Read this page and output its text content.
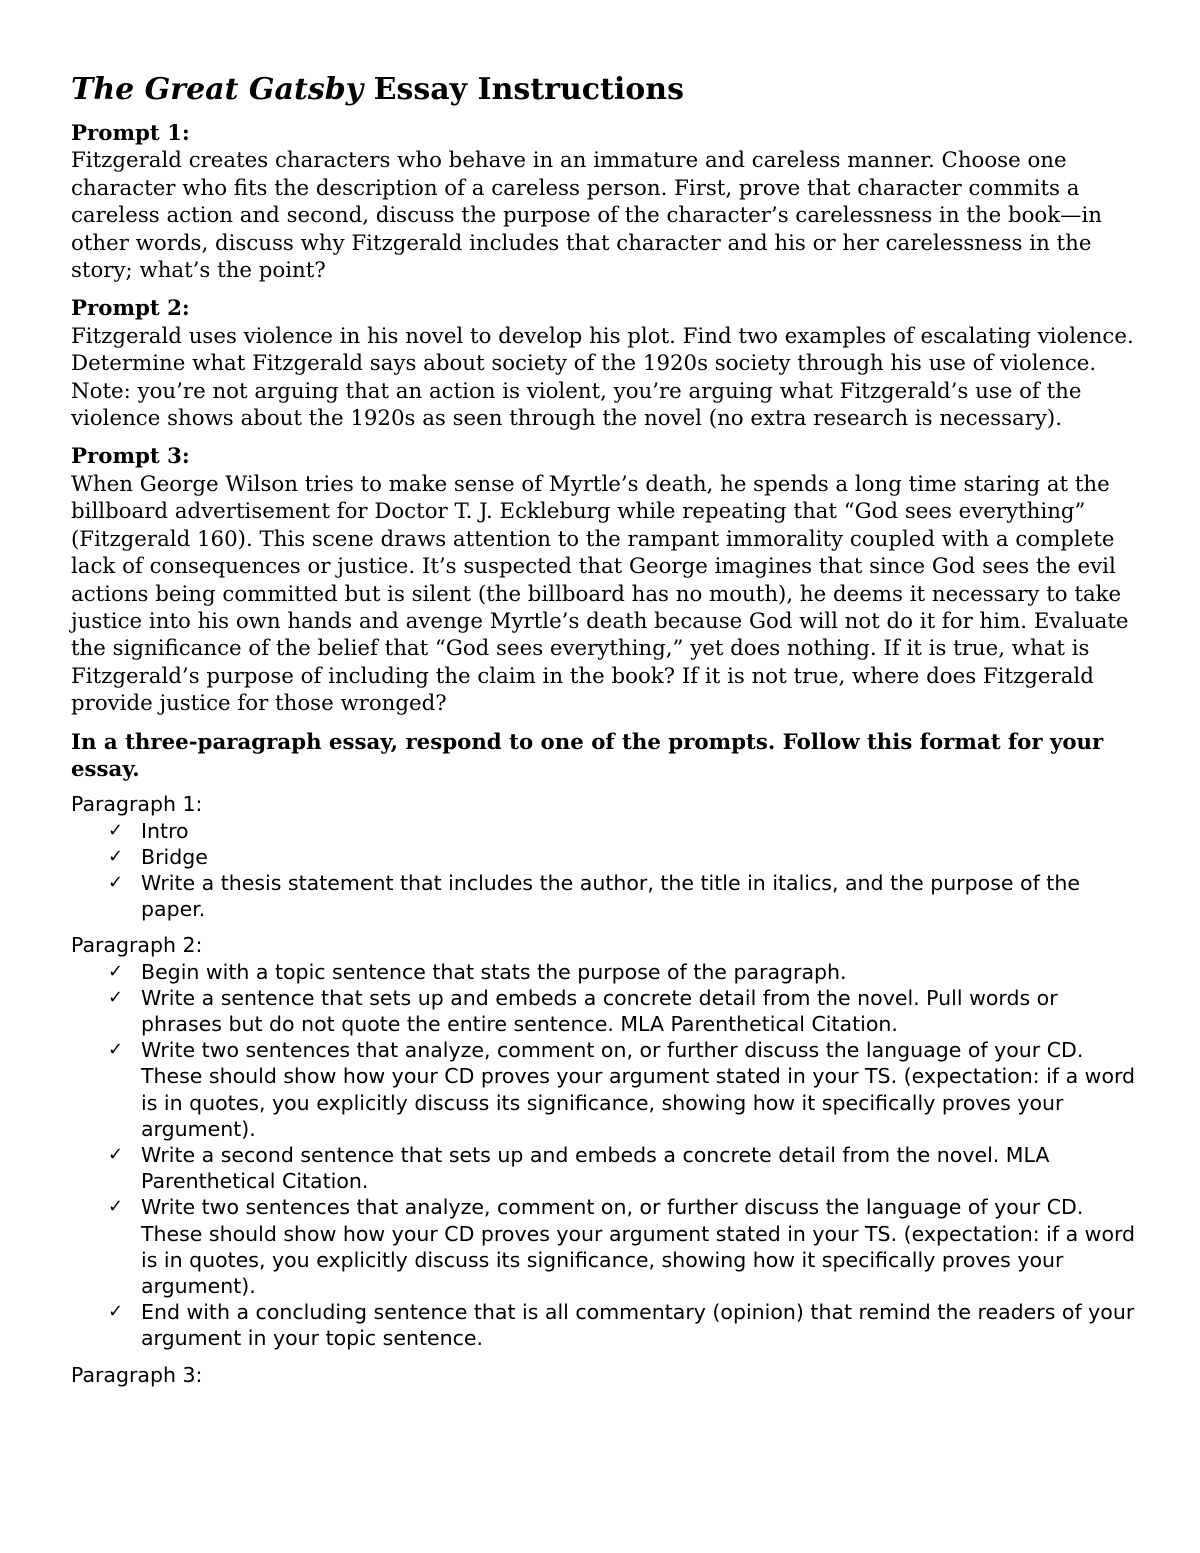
The Great Gatsby Essay Instructions
Prompt 1:
Fitzgerald creates characters who behave in an immature and careless manner. Choose one character who fits the description of a careless person. First, prove that character commits a careless action and second, discuss the purpose of the character’s carelessness in the book—in other words, discuss why Fitzgerald includes that character and his or her carelessness in the story; what’s the point?
Prompt 2:
Fitzgerald uses violence in his novel to develop his plot. Find two examples of escalating violence. Determine what Fitzgerald says about society of the 1920s society through his use of violence. Note: you’re not arguing that an action is violent, you’re arguing what Fitzgerald’s use of the violence shows about the 1920s as seen through the novel (no extra research is necessary).
Prompt 3:
When George Wilson tries to make sense of Myrtle’s death, he spends a long time staring at the billboard advertisement for Doctor T. J. Eckleburg while repeating that “God sees everything” (Fitzgerald 160). This scene draws attention to the rampant immorality coupled with a complete lack of consequences or justice. It’s suspected that George imagines that since God sees the evil actions being committed but is silent (the billboard has no mouth), he deems it necessary to take justice into his own hands and avenge Myrtle’s death because God will not do it for him. Evaluate the significance of the belief that “God sees everything,” yet does nothing. If it is true, what is Fitzgerald’s purpose of including the claim in the book? If it is not true, where does Fitzgerald provide justice for those wronged?
In a three-paragraph essay, respond to one of the prompts. Follow this format for your essay.
Paragraph 1:
✓ Intro
✓ Bridge
✓ Write a thesis statement that includes the author, the title in italics, and the purpose of the paper.
Paragraph 2:
✓ Begin with a topic sentence that stats the purpose of the paragraph.
✓ Write a sentence that sets up and embeds a concrete detail from the novel. Pull words or phrases but do not quote the entire sentence. MLA Parenthetical Citation.
✓ Write two sentences that analyze, comment on, or further discuss the language of your CD. These should show how your CD proves your argument stated in your TS. (expectation: if a word is in quotes, you explicitly discuss its significance, showing how it specifically proves your argument).
✓ Write a second sentence that sets up and embeds a concrete detail from the novel. MLA Parenthetical Citation.
✓ Write two sentences that analyze, comment on, or further discuss the language of your CD. These should show how your CD proves your argument stated in your TS. (expectation: if a word is in quotes, you explicitly discuss its significance, showing how it specifically proves your argument).
✓ End with a concluding sentence that is all commentary (opinion) that remind the readers of your argument in your topic sentence.
Paragraph 3:
